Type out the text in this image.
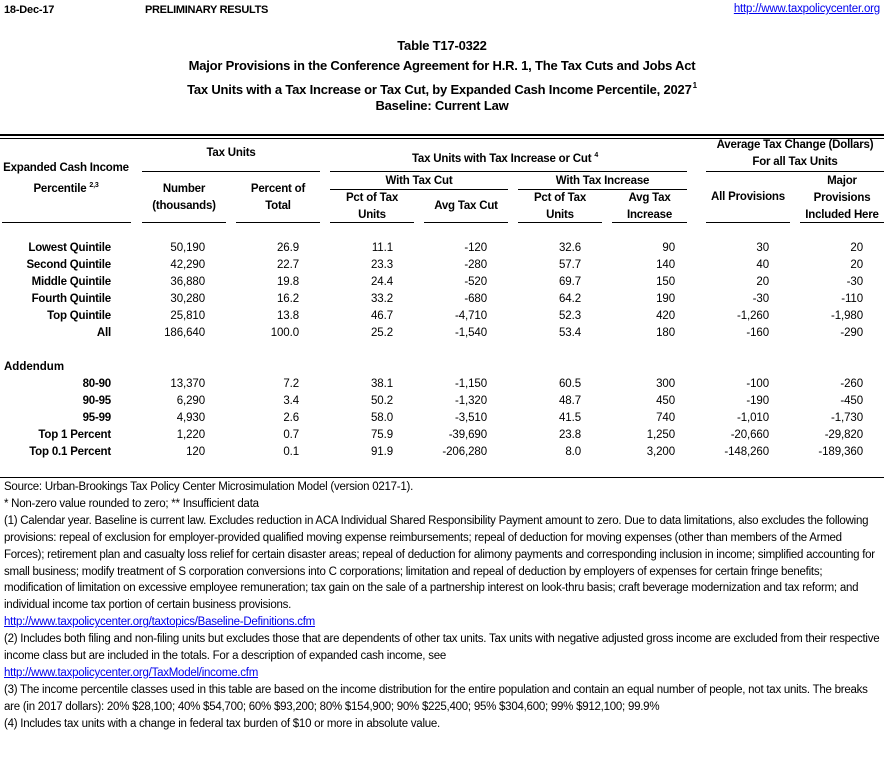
18-Dec-17	PRELIMINARY RESULTS	http://www.taxpolicycenter.org
Table T17-0322
Major Provisions in the Conference Agreement for H.R. 1, The Tax Cuts and Jobs Act
Tax Units with a Tax Increase or Tax Cut, by Expanded Cash Income Percentile, 2027$^1$
Baseline: Current Law
Expanded Cash Income
Percentile $^{2,3}$
Tax Units	Tax Units with Tax Increase or Cut $^4$
Average Tax Change (Dollars)
For all Tax Units
With Tax Cut	With Tax Increase
Number
(thousands)
Percent of
Total
Pct of Tax
Units
Avg Tax Cut
Pct of Tax
Units
Avg Tax
Increase
All Provisions
Major
Provisions
Included Here
Lowest Quintile	50,190	26.9	11.1	-120	32.6	90	30	20
Second Quintile	42,290	22.7	23.3	-280	57.7	140	40	20
Middle Quintile	36,880	19.8	24.4	-520	69.7	150	20	-30
Fourth Quintile	30,280	16.2	33.2	-680	64.2	190	-30	-110
Top Quintile	25,810	13.8	46.7	-4,710	52.3	420	-1,260	-1,980
All	186,640	100.0	25.2	-1,540	53.4	180	-160	-290
Addendum
80-90	13,370	7.2	38.1	-1,150	60.5	300	-100	-260
90-95	6,290	3.4	50.2	-1,320	48.7	450	-190	-450
95-99	4,930	2.6	58.0	-3,510	41.5	740	-1,010	-1,730
Top 1 Percent	1,220	0.7	75.9	-39,690	23.8	1,250	-20,660	-29,820
Top 0.1 Percent	120	0.1	91.9	-206,280	8.0	3,200	-148,260	-189,360

Source: Urban-Brookings Tax Policy Center Microsimulation Model (version 0217-1).

* Non-zero value rounded to zero; ** Insufficient data

(1) Calendar year. Baseline is current law. Excludes reduction in ACA Individual Shared Responsibility Payment amount to zero. Due to data limitations, also excludes the following provisions: repeal of exclusion for employer-provided qualified moving expense reimbursements; repeal of deduction for moving expenses (other than members of the Armed Forces); retirement plan and casualty loss relief for certain disaster areas; repeal of deduction for alimony payments and corresponding inclusion in income; simplified accounting for small business; modify treatment of S corporation conversions into C corporations; limitation and repeal of deduction by employers of expenses for certain fringe benefits; modification of limitation on excessive employee remuneration; tax gain on the sale of a partnership interest on look-thru basis; craft beverage modernization and tax reform; and individual income tax portion of certain business provisions.

http://www.taxpolicycenter.org/taxtopics/Baseline-Definitions.cfm

(2) Includes both filing and non-filing units but excludes those that are dependents of other tax units. Tax units with negative adjusted gross income are excluded from their respective income class but are included in the totals. For a description of expanded cash income, see

http://www.taxpolicycenter.org/TaxModel/income.cfm

(3) The income percentile classes used in this table are based on the income distribution for the entire population and contain an equal number of people, not tax units. The breaks are (in 2017 dollars): 20% $28,100; 40% $54,700; 60% $93,200; 80% $154,900; 90% $225,400; 95% $304,600; 99% $912,100; 99.9%

(4) Includes tax units with a change in federal tax burden of $10 or more in absolute value.
